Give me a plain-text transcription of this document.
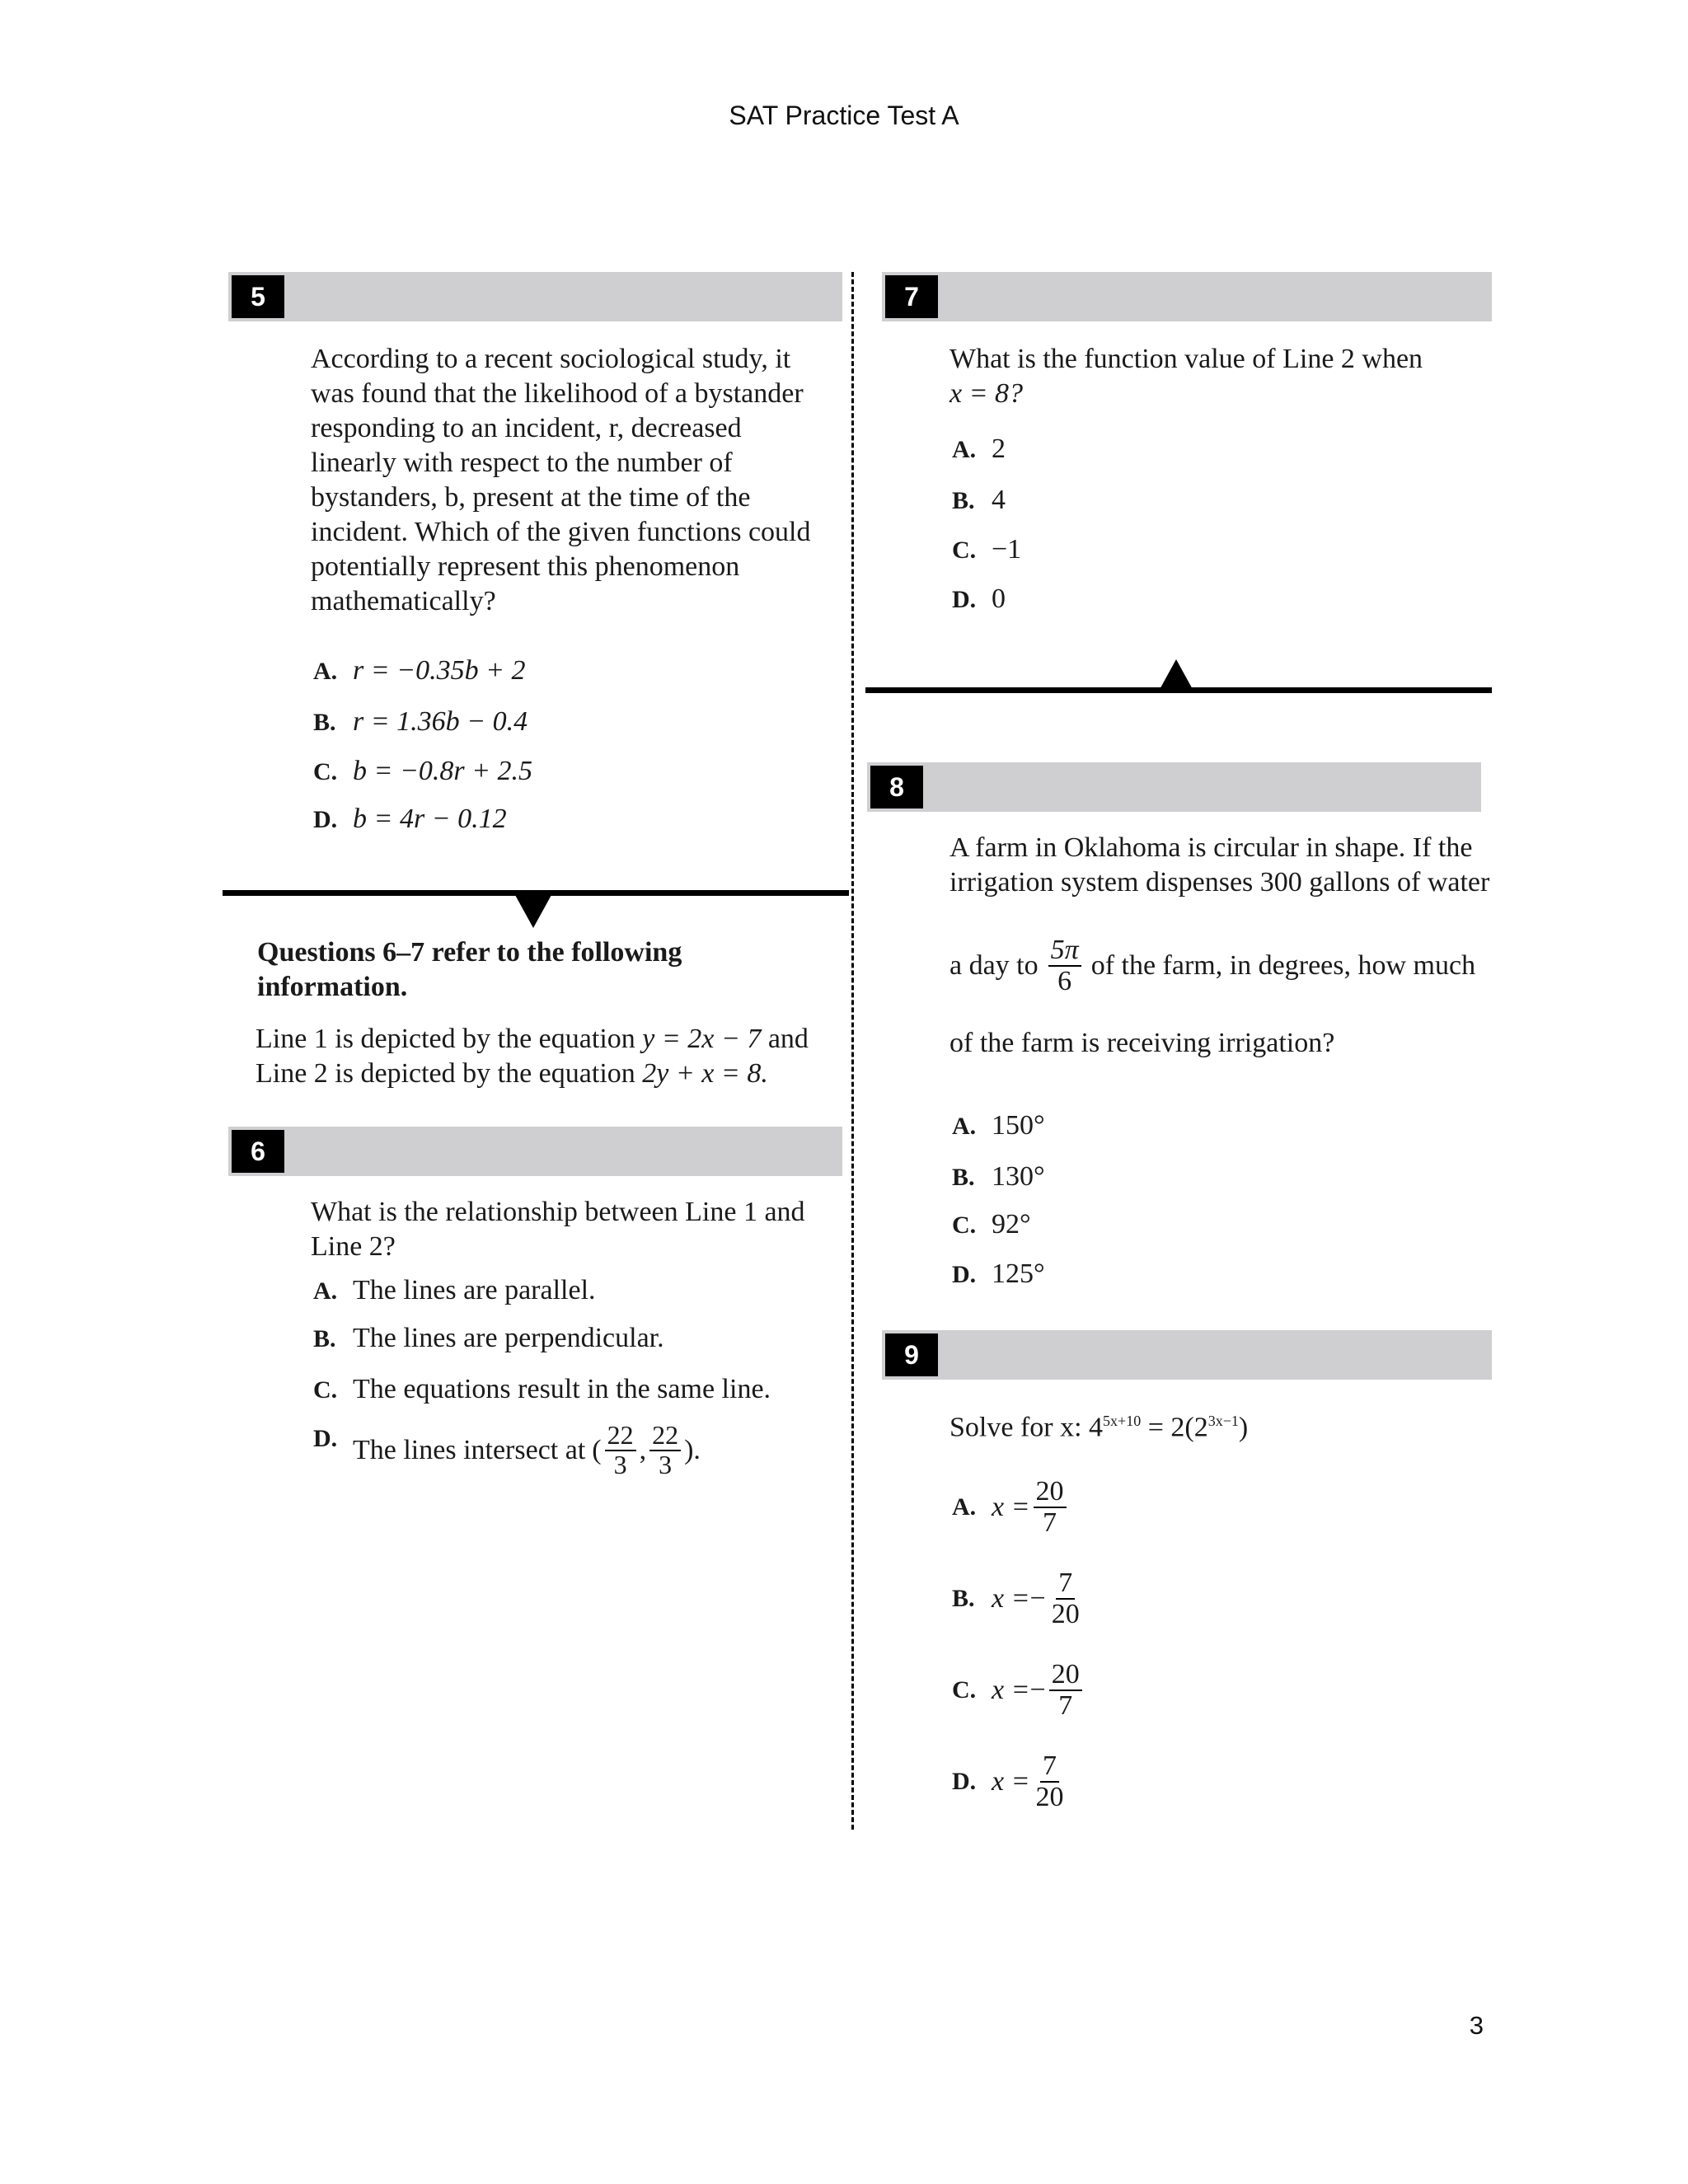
SAT Practice Test A
3
5
According to a recent sociological study, it
was found that the likelihood of a bystander
responding to an incident, r, decreased
linearly with respect to the number of
bystanders, b, present at the time of the
incident. Which of the given functions could
potentially represent this phenomenon
mathematically?
A. r = −0.35b + 2
B. r = 1.36b − 0.4
C. b = −0.8r + 2.5
D. b = 4r − 0.12
Questions 6–7 refer to the following information.
Line 1 is depicted by the equation y = 2x − 7 and
Line 2 is depicted by the equation 2y + x = 8.
6
What is the relationship between Line 1 and
Line 2?
A. The lines are parallel.
B. The lines are perpendicular.
C. The equations result in the same line.
D. The lines intersect at ( $\frac{22}{3}$ , $\frac{22}{3}$ ).
7
What is the function value of Line 2 when
x = 8?
A. 2
B. 4
C. −1
D. 0
8
A farm in Oklahoma is circular in shape. If the
irrigation system dispenses 300 gallons of water
a day to $\frac{5\pi}{6}$ of the farm, in degrees, how much
of the farm is receiving irrigation?
A. 150°
B. 130°
C. 92°
D. 125°
9
Solve for x: $4^{5x+10} = 2(2^{3x-1})$
A. $x = \frac{20}{7}$
B. x = − $\frac{7}{20}$
C. x = − $\frac{20}{7}$
D. $x = \frac{7}{20}$
